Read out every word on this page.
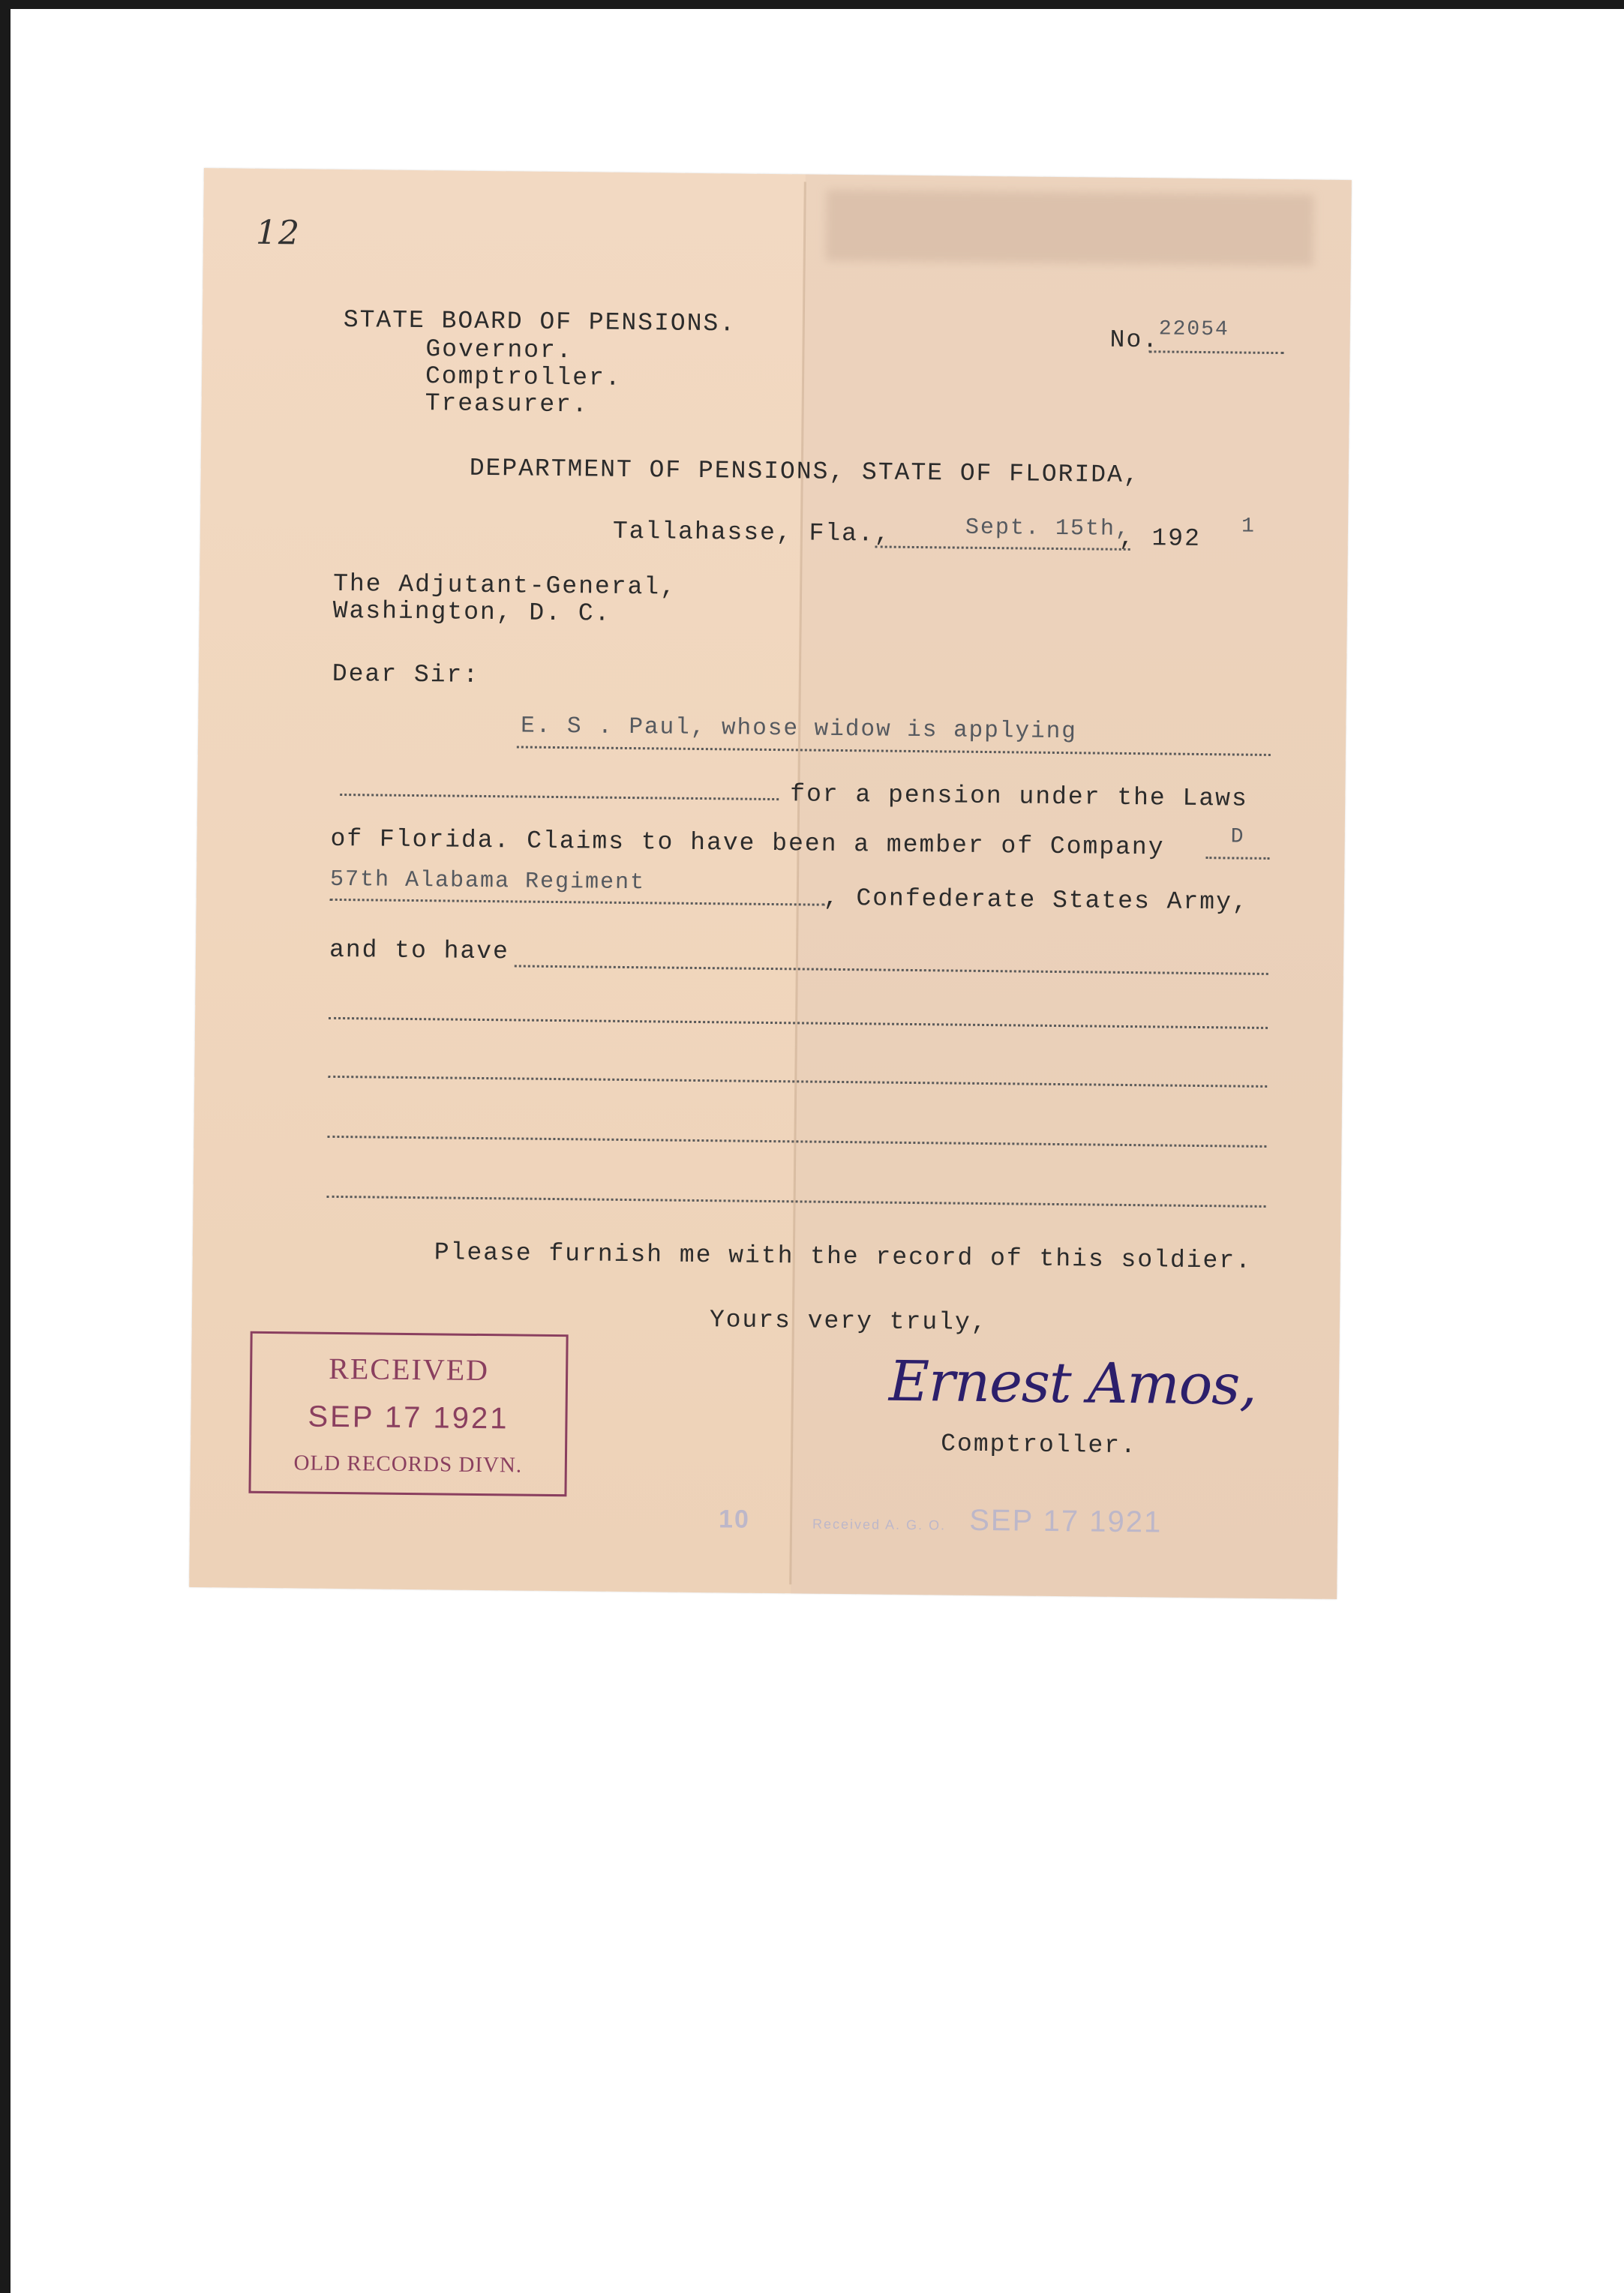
12
STATE BOARD OF PENSIONS.
Governor.
Comptroller.
Treasurer.
No. 22054
DEPARTMENT OF PENSIONS, STATE OF FLORIDA,
Tallahasse, Fla.,	Sept. 15th,
, 192 1
The Adjutant-General,
Washington, D. C.
Dear Sir:
E. S . Paul, whose widow is applying
for a pension under the Laws
of Florida. Claims to have been a member of Company	D
57th Alabama Regiment
, Confederate States Army,
and to have
Please furnish me with the record of this soldier.
Yours very truly,
Ernest Amos,
Comptroller.
RECEIVED
SEP 17 1921
OLD RECORDS DIVN.
10	Received A. G. O. SEP 17 1921
